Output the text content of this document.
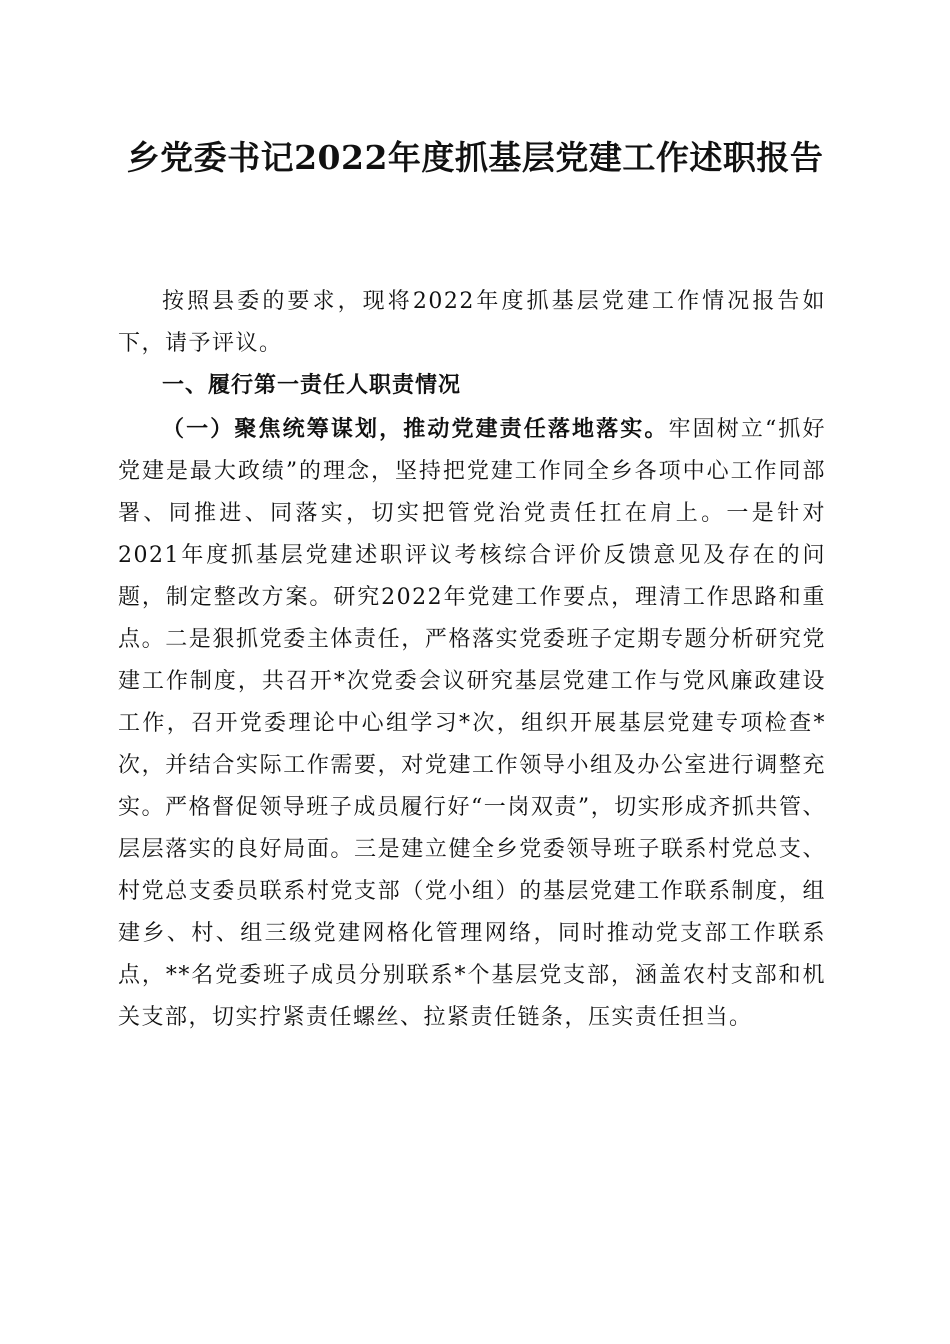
乡党委书记2022年度抓基层党建工作述职报告

按照县委的要求，现将2022年度抓基层党建工作情况报告如下，请予评议。

一、履行第一责任人职责情况

（一）聚焦统筹谋划，推动党建责任落地落实。牢固树立“抓好党建是最大政绩”的理念，坚持把党建工作同全乡各项中心工作同部署、同推进、同落实，切实把管党治党责任扛在肩上。一是针对2021年度抓基层党建述职评议考核综合评价反馈意见及存在的问题，制定整改方案。研究2022年党建工作要点，理清工作思路和重点。二是狠抓党委主体责任，严格落实党委班子定期专题分析研究党建工作制度，共召开*次党委会议研究基层党建工作与党风廉政建设工作，召开党委理论中心组学习*次，组织开展基层党建专项检查*次，并结合实际工作需要，对党建工作领导小组及办公室进行调整充实。严格督促领导班子成员履行好“一岗双责”，切实形成齐抓共管、层层落实的良好局面。三是建立健全乡党委领导班子联系村党总支、村党总支委员联系村党支部（党小组）的基层党建工作联系制度，组建乡、村、组三级党建网格化管理网络，同时推动党支部工作联系点，**名党委班子成员分别联系*个基层党支部，涵盖农村支部和机关支部，切实拧紧责任螺丝、拉紧责任链条，压实责任担当。
